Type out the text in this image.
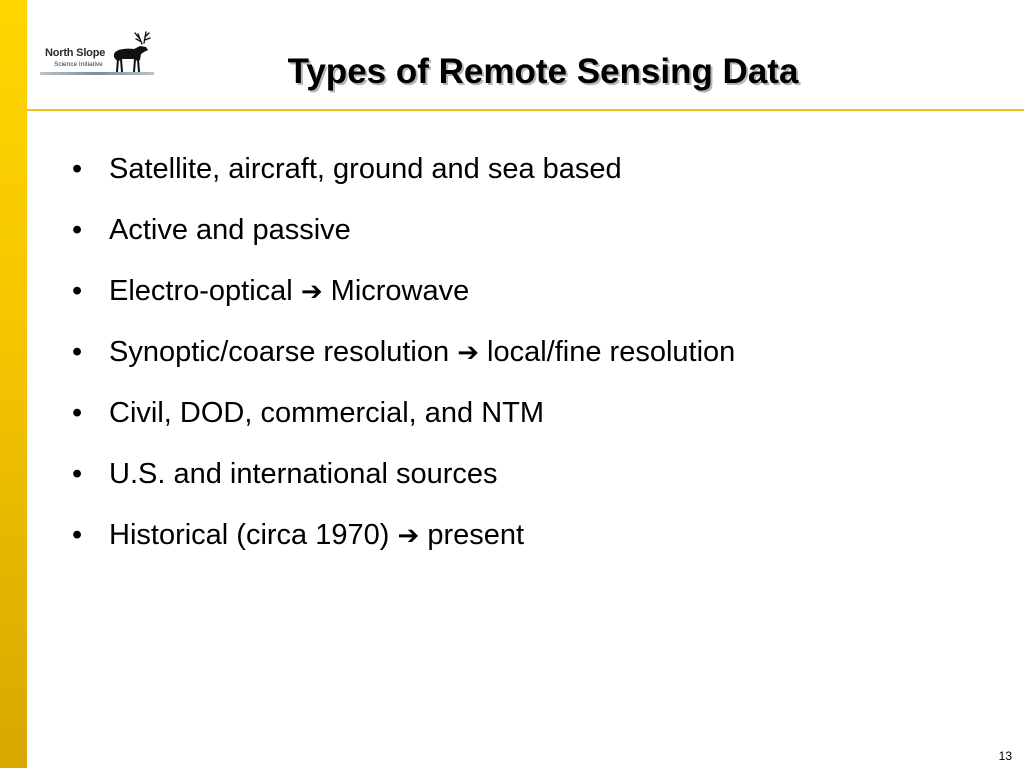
North Slope
Science Initiative	Types of Remote Sensing Data
• Satellite, aircraft, ground and sea based
• Active and passive
• Electro-optical ➔ Microwave
• Synoptic/coarse resolution ➔ local/fine resolution
• Civil, DOD, commercial, and NTM
• U.S. and international sources
• Historical (circa 1970) ➔ present
13
